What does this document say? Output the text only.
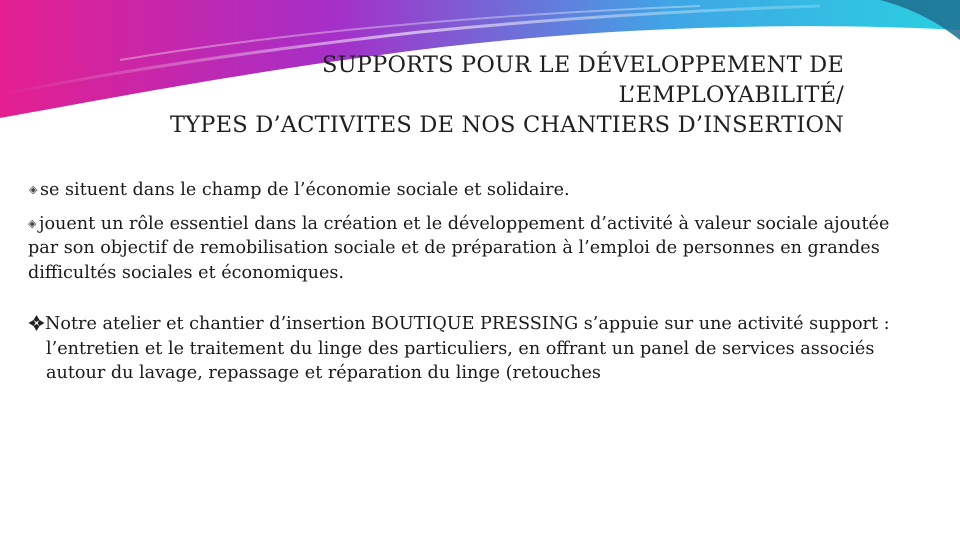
SUPPORTS POUR LE DÉVELOPPEMENT DE
L’EMPLOYABILITÉ/
TYPES D’ACTIVITES DE NOS CHANTIERS D’INSERTION
◈ se situent dans le champ de l’économie sociale et solidaire.
◈ jouent un rôle essentiel dans la création et le développement d’activité à valeur sociale ajoutée par son objectif de remobilisation sociale et de préparation à l’emploi de personnes en grandes difficultés sociales et économiques.
Notre atelier et chantier d’insertion BOUTIQUE PRESSING s’appuie sur une activité support : l’entretien et le traitement du linge des particuliers, en offrant un panel de services associés autour du lavage, repassage et réparation du linge (retouches
